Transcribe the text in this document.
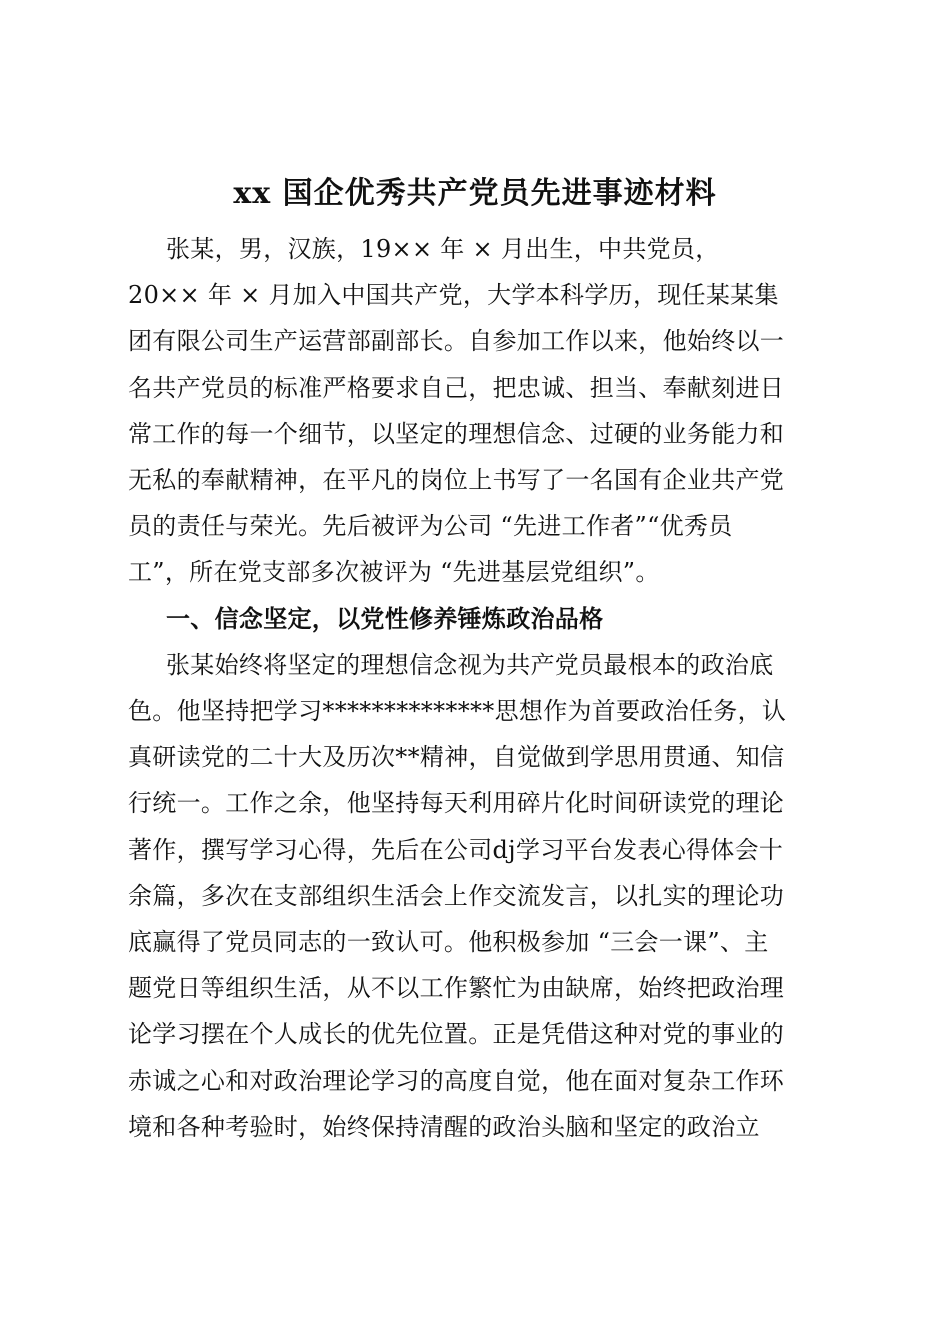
xx 国企优秀共产党员先进事迹材料
张某，男，汉族，19×× 年 × 月出生，中共党员，
20×× 年 × 月加入中国共产党，大学本科学历，现任某某集
团有限公司生产运营部副部长。自参加工作以来，他始终以一
名共产党员的标准严格要求自己，把忠诚、担当、奉献刻进日
常工作的每一个细节，以坚定的理想信念、过硬的业务能力和
无私的奉献精神，在平凡的岗位上书写了一名国有企业共产党
员的责任与荣光。先后被评为公司 “先进工作者”“优秀员
工”，所在党支部多次被评为 “先进基层党组织”。
一、信念坚定，以党性修养锤炼政治品格
张某始终将坚定的理想信念视为共产党员最根本的政治底
色。他坚持把学习**************思想作为首要政治任务，认
真研读党的二十大及历次**精神，自觉做到学思用贯通、知信
行统一。工作之余，他坚持每天利用碎片化时间研读党的理论
著作，撰写学习心得，先后在公司dj学习平台发表心得体会十
余篇，多次在支部组织生活会上作交流发言，以扎实的理论功
底赢得了党员同志的一致认可。他积极参加 “三会一课”、主
题党日等组织生活，从不以工作繁忙为由缺席，始终把政治理
论学习摆在个人成长的优先位置。正是凭借这种对党的事业的
赤诚之心和对政治理论学习的高度自觉，他在面对复杂工作环
境和各种考验时，始终保持清醒的政治头脑和坚定的政治立
